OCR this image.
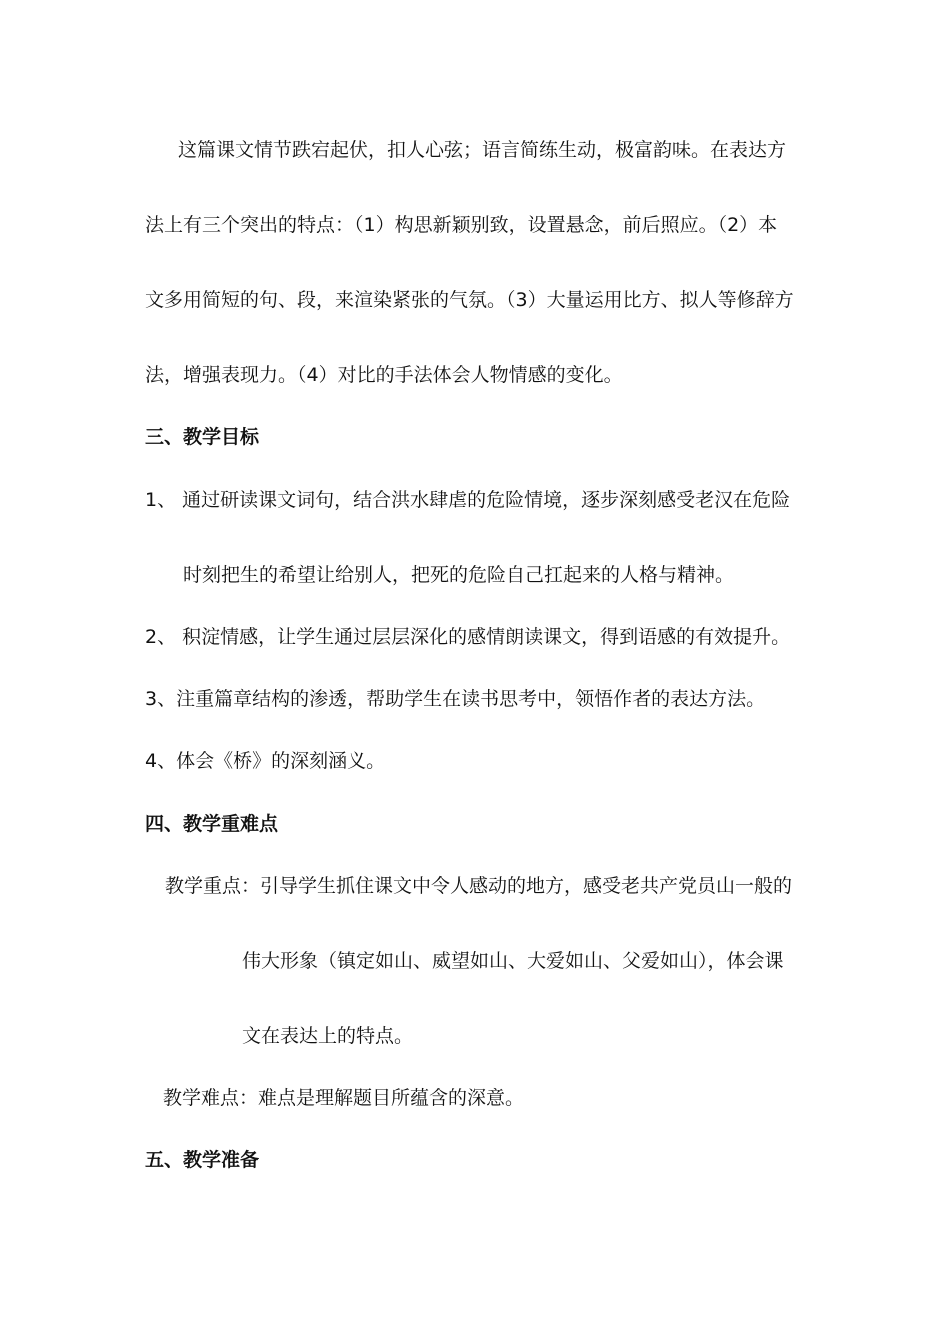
这篇课文情节跌宕起伏，扣人心弦；语言简练生动，极富韵味。在表达方
法上有三个突出的特点：（1）构思新颖别致，设置悬念，前后照应。（2）本
文多用简短的句、段，来渲染紧张的气氛。（3）大量运用比方、拟人等修辞方
法，增强表现力。（4）对比的手法体会人物情感的变化。
三、教学目标
1、 通过研读课文词句，结合洪水肆虐的危险情境，逐步深刻感受老汉在危险
时刻把生的希望让给别人，把死的危险自己扛起来的人格与精神。
2、 积淀情感，让学生通过层层深化的感情朗读课文，得到语感的有效提升。
3、注重篇章结构的渗透，帮助学生在读书思考中，领悟作者的表达方法。
4、体会《桥》的深刻涵义。
四、教学重难点
教学重点：引导学生抓住课文中令人感动的地方，感受老共产党员山一般的
伟大形象（镇定如山、威望如山、大爱如山、父爱如山），体会课
文在表达上的特点。
教学难点：难点是理解题目所蕴含的深意。
五、教学准备
